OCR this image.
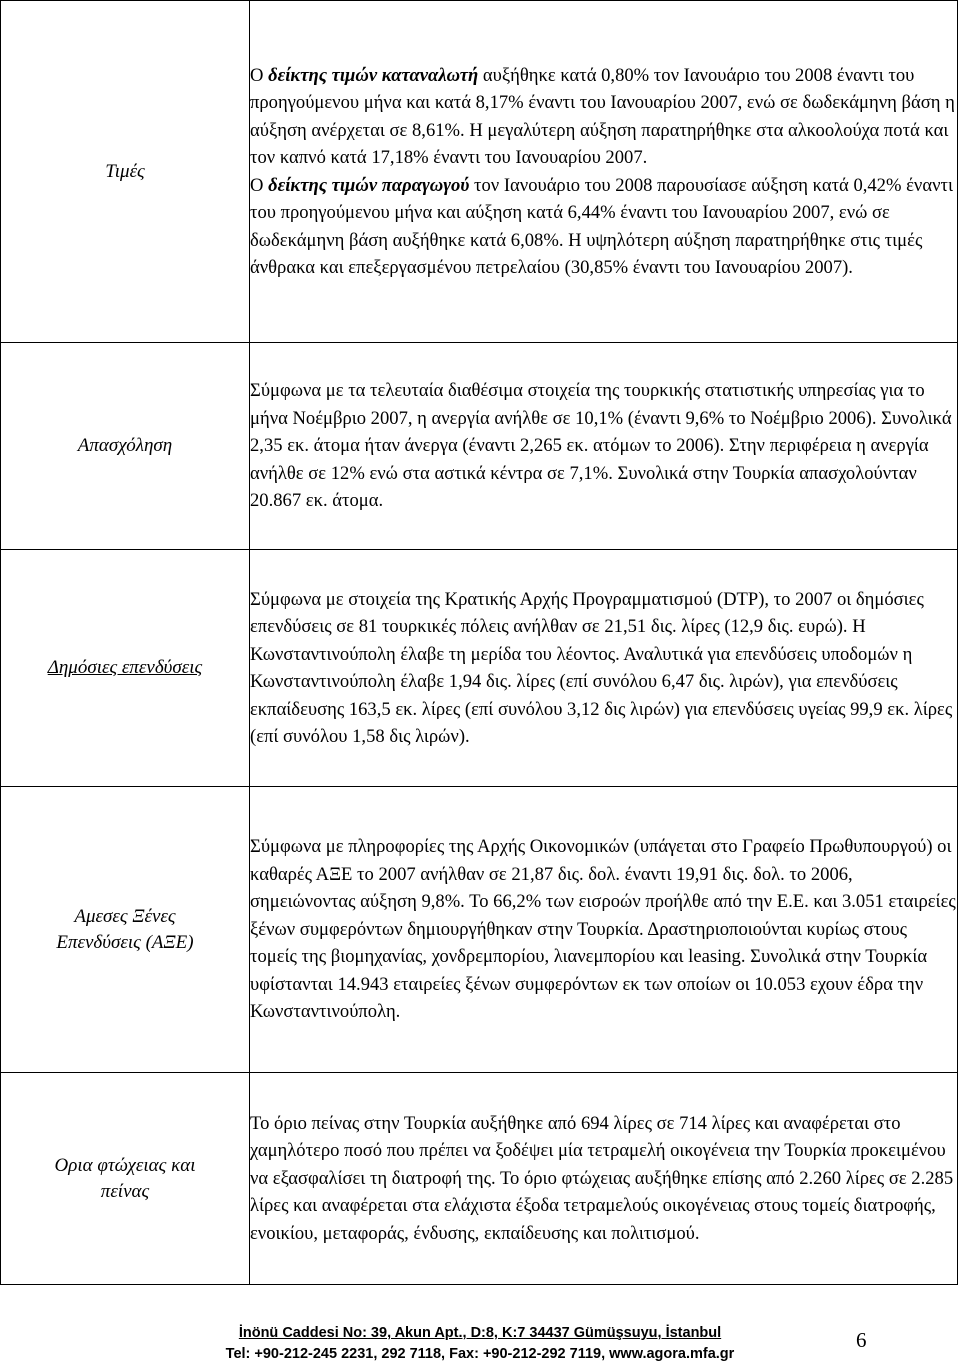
Τιμές	Ο δείκτης τιμών καταναλωτή αυξήθηκε κατά 0,80% τον Ιανουάριο του 2008 έναντι του προηγούμενου μήνα και κατά 8,17% έναντι του Ιανουαρίου 2007, ενώ σε δωδεκάμηνη βάση η αύξηση ανέρχεται σε 8,61%. Η μεγαλύτερη αύξηση παρατηρήθηκε στα αλκοολούχα ποτά και τον καπνό κατά 17,18% έναντι του Ιανουαρίου 2007.

Ο δείκτης τιμών παραγωγού τον Ιανουάριο του 2008 παρουσίασε αύξηση κατά 0,42% έναντι του προηγούμενου μήνα και αύξηση κατά 6,44% έναντι του Ιανουαρίου 2007, ενώ σε δωδεκάμηνη βάση αυξήθηκε κατά 6,08%. Η υψηλότερη αύξηση παρατηρήθηκε στις τιμές άνθρακα και επεξεργασμένου πετρελαίου (30,85% έναντι του Ιανουαρίου 2007).

Απασχόληση	Σύμφωνα με τα τελευταία διαθέσιμα στοιχεία της τουρκικής στατιστικής υπηρεσίας για το μήνα Νοέμβριο 2007, η ανεργία ανήλθε σε 10,1% (έναντι 9,6% το Νοέμβριο 2006). Συνολικά 2,35 εκ. άτομα ήταν άνεργα (έναντι 2,265 εκ. ατόμων το 2006). Στην περιφέρεια η ανεργία ανήλθε σε 12% ενώ στα αστικά κέντρα σε 7,1%. Συνολικά στην Τουρκία απασχολούνταν 20.867 εκ. άτομα.

Δημόσιες επενδύσεις	Σύμφωνα με στοιχεία της Κρατικής Αρχής Προγραμματισμού (DTP), το 2007 οι δημόσιες επενδύσεις σε 81 τουρκικές πόλεις ανήλθαν σε 21,51 δις. λίρες (12,9 δις. ευρώ). Η Κωνσταντινούπολη έλαβε τη μερίδα του λέοντος. Αναλυτικά για επενδύσεις υποδομών η Κωνσταντινούπολη έλαβε 1,94 δις. λίρες (επί συνόλου 6,47 δις. λιρών), για επενδύσεις εκπαίδευσης 163,5 εκ. λίρες (επί συνόλου 3,12 δις λιρών) για επενδύσεις υγείας 99,9 εκ. λίρες (επί συνόλου 1,58 δις λιρών).

Αμεσες Ξένες
Επενδύσεις (ΑΞΕ)	Σύμφωνα με πληροφορίες της Αρχής Οικονομικών (υπάγεται στο Γραφείο Πρωθυπουργού) οι καθαρές ΑΞΕ το 2007 ανήλθαν σε 21,87 δις. δολ. έναντι 19,91 δις. δολ. το 2006, σημειώνοντας αύξηση 9,8%. Το 66,2% των εισροών προήλθε από την Ε.Ε. και 3.051 εταιρείες ξένων συμφερόντων δημιουργήθηκαν στην Τουρκία. Δραστηριοποιούνται κυρίως στους τομείς της βιομηχανίας, χονδρεμπορίου, λιανεμπορίου και leasing. Συνολικά στην Τουρκία υφίστανται 14.943 εταιρείες ξένων συμφερόντων εκ των οποίων οι 10.053 εχουν έδρα την Κωνσταντινούπολη.

Ορια φτώχειας και
πείνας	Το όριο πείνας στην Τουρκία αυξήθηκε από 694 λίρες σε 714 λίρες και αναφέρεται στο χαμηλότερο ποσό που πρέπει να ξοδέψει μία τετραμελή οικογένεια την Τουρκία προκειμένου να εξασφαλίσει τη διατροφή της. Το όριο φτώχειας αυξήθηκε επίσης από 2.260 λίρες σε 2.285 λίρες και αναφέρεται στα ελάχιστα έξοδα τετραμελούς οικογένειας στους τομείς διατροφής, ενοικίου, μεταφοράς, ένδυσης, εκπαίδευσης και πολιτισμού.

İnönü Caddesi No: 39, Akun Apt., D:8, K:7 34437 Gümüşsuyu, İstanbul
Tel: +90-212-245 2231, 292 7118, Fax: +90-212-292 7119, www.agora.mfa.gr
6
